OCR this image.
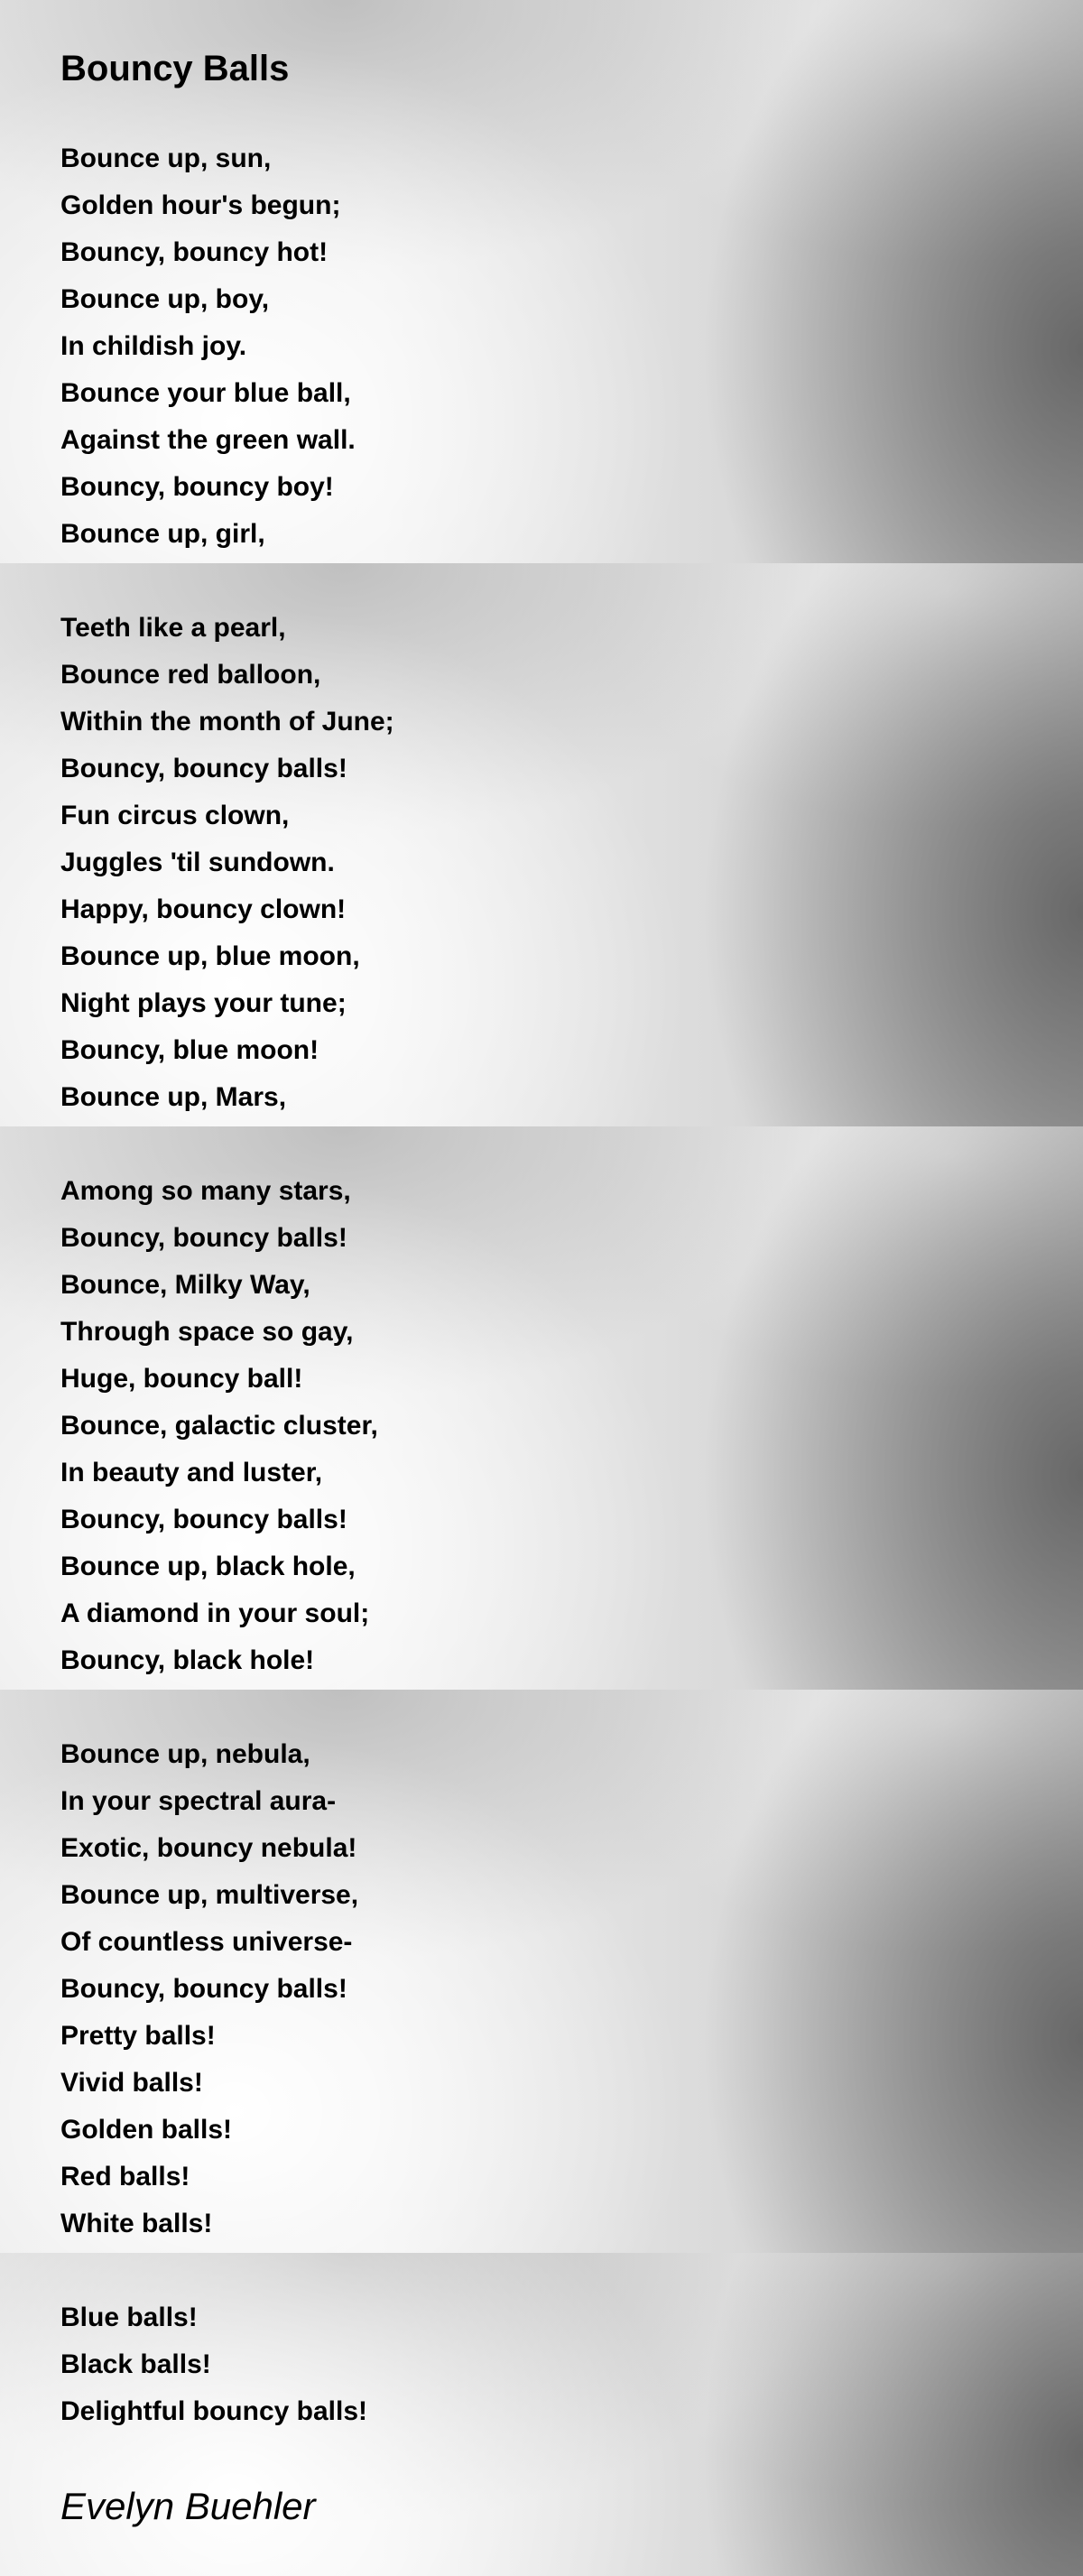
Bouncy Balls
Bounce up, sun,
Golden hour's begun;
Bouncy, bouncy hot!
Bounce up, boy,
In childish joy.
Bounce your blue ball,
Against the green wall.
Bouncy, bouncy boy!
Bounce up, girl,
Teeth like a pearl,
Bounce red balloon,
Within the month of June;
Bouncy, bouncy balls!
Fun circus clown,
Juggles 'til sundown.
Happy, bouncy clown!
Bounce up, blue moon,
Night plays your tune;
Bouncy, blue moon!
Bounce up, Mars,
Among so many stars,
Bouncy, bouncy balls!
Bounce, Milky Way,
Through space so gay,
Huge, bouncy ball!
Bounce, galactic cluster,
In beauty and luster,
Bouncy, bouncy balls!
Bounce up, black hole,
A diamond in your soul;
Bouncy, black hole!
Bounce up, nebula,
In your spectral aura-
Exotic, bouncy nebula!
Bounce up, multiverse,
Of countless universe-
Bouncy, bouncy balls!
Pretty balls!
Vivid balls!
Golden balls!
Red balls!
White balls!
Blue balls!
Black balls!
Delightful bouncy balls!
Evelyn Buehler
